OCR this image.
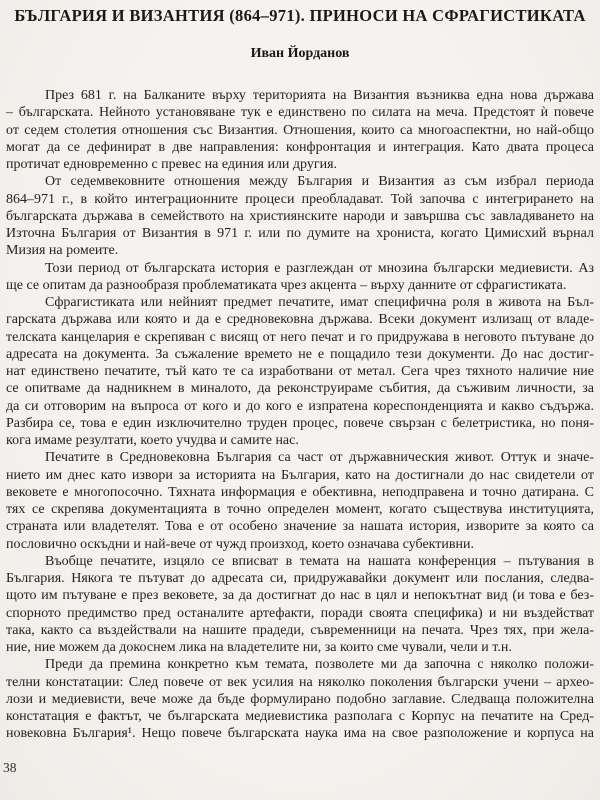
БЪЛГАРИЯ И ВИЗАНТИЯ (864–971). ПРИНОСИ НА СФРАГИСТИКАТА
Иван Йорданов
През 681 г. на Балканите върху територията на Византия възниква една нова държава
– българската. Нейното установяване тук е единствено по силата на меча. Предстоят ѝ повече
от седем столетия отношения със Византия. Отношения, които са многоаспектни, но най-общо
могат да се дефинират в две направления: конфронтация и интеграция. Като двата процеса
протичат едновременно с превес на единия или другия.
От седемвековните отношения между България и Византия аз съм избрал периода
864–971 г., в който интеграционните процеси преобладават. Той започва с интегрирането на
българската държава в семейството на християнските народи и завършва със завладяването на
Източна България от Византия в 971 г. или по думите на хрониста, когато Цимисхий върнал
Мизия на ромеите.
Този период от българската история е разглеждан от мнозина български медиевисти. Аз
ще се опитам да разнообразя проблематиката чрез акцента – върху данните от сфрагистиката.
Сфрагистиката или нейният предмет печатите, имат специфична роля в живота на Бъл-
гарската държава или която и да е средновековна държава. Всеки документ излизащ от владе-
телската канцелария е скрепяван с висящ от него печат и го придружава в неговото пътуване до
адресата на документа. За съжаление времето не е пощадило тези документи. До нас достиг-
нат единствено печатите, тъй като те са изработвани от метал. Сега чрез тяхното наличие ние
се опитваме да надникнем в миналото, да реконструираме събития, да съживим личности, за
да си отговорим на въпроса от кого и до кого е изпратена кореспонденцията и какво съдържа.
Разбира се, това е един изключително труден процес, повече свързан с белетристика, но поня-
кога имаме резултати, което учудва и самите нас.
Печатите в Средновековна България са част от държавническия живот. Оттук и значе-
нието им днес като извори за историята на България, като на достигнали до нас свидетели от
вековете е многопосочно. Тяхната информация е обективна, неподправена и точно датирана. С
тях се скрепява документацията в точно определен момент, когато съществува институцията,
страната или владетелят. Това е от особено значение за нашата история, изворите за която са
пословично оскъдни и най-вече от чужд произход, което означава субективни.
Въобще печатите, изцяло се вписват в темата на нашата конференция – пътувания в
България. Някога те пътуват до адресата си, придружавайки документ или послания, следва-
щото им пътуване е през вековете, за да достигнат до нас в цял и непокътнат вид (и това е без-
спорното предимство пред останалите артефакти, поради своята специфика) и ни въздействат
така, както са въздействали на нашите прадеди, съвременници на печата. Чрез тях, при жела-
ние, ние можем да докоснем лика на владетелите ни, за които сме чували, чели и т.н.
Преди да премина конкретно към темата, позволете ми да започна с няколко положи-
телни констатации: След повече от век усилия на няколко поколения български учени – архео-
лози и медиевисти, вече може да бъде формулирано подобно заглавие. Следваща положителна
констатация е фактът, че българската медиевистика разполага с Корпус на печатите на Сред-
новековна България¹. Нещо повече българската наука има на свое разположение и корпуса на
38
